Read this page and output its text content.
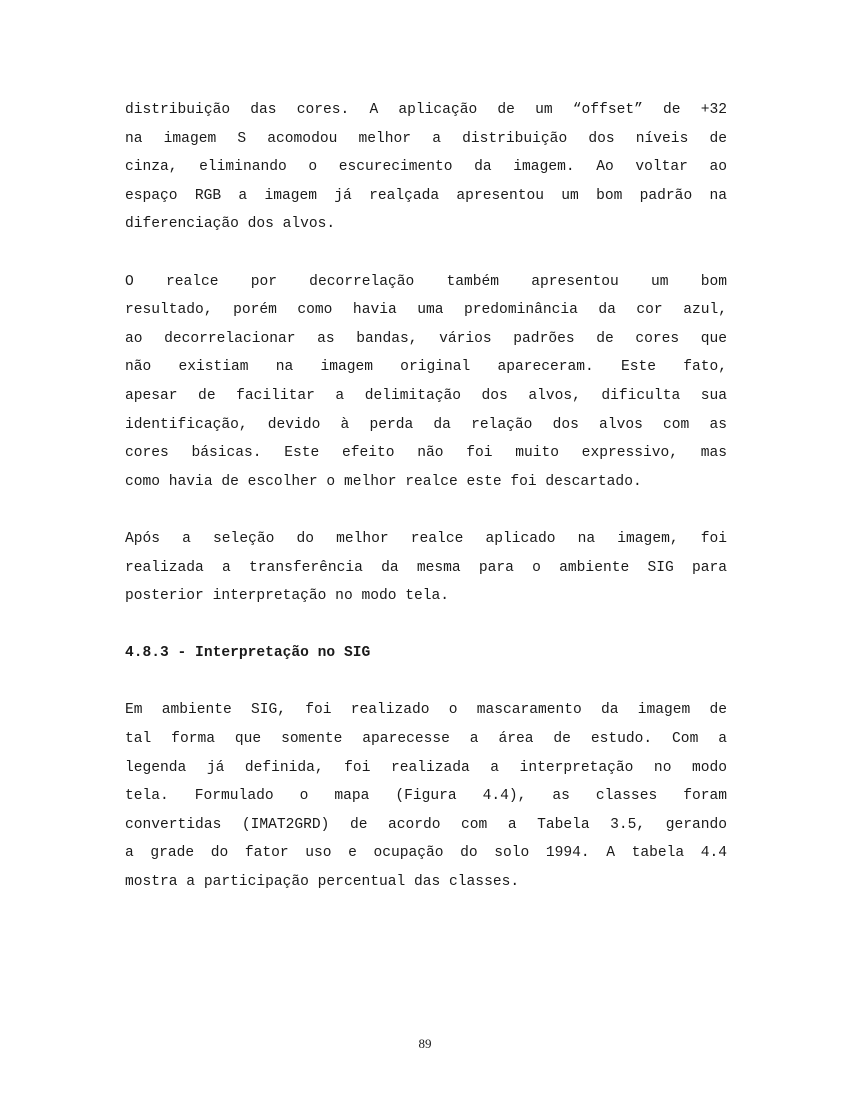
distribuição das cores. A aplicação de um “offset” de +32
na imagem S acomodou melhor a distribuição dos níveis de
cinza, eliminando o escurecimento da imagem. Ao voltar ao
espaço RGB a imagem já realçada apresentou um bom padrão na
diferenciação dos alvos.

O realce por decorrelação também apresentou um bom
resultado, porém como havia uma predominância da cor azul,
ao decorrelacionar as bandas, vários padrões de cores que
não existiam na imagem original apareceram. Este fato,
apesar de facilitar a delimitação dos alvos, dificulta sua
identificação, devido à perda da relação dos alvos com as
cores básicas. Este efeito não foi muito expressivo, mas
como havia de escolher o melhor realce este foi descartado.

Após a seleção do melhor realce aplicado na imagem, foi
realizada a transferência da mesma para o ambiente SIG para
posterior interpretação no modo tela.

4.8.3 - Interpretação no SIG

Em ambiente SIG, foi realizado o mascaramento da imagem de
tal forma que somente aparecesse a área de estudo. Com a
legenda já definida, foi realizada a interpretação no modo
tela. Formulado o mapa (Figura 4.4), as classes foram
convertidas (IMAT2GRD) de acordo com a Tabela 3.5, gerando
a grade do fator uso e ocupação do solo 1994. A tabela 4.4
mostra a participação percentual das classes.

89
